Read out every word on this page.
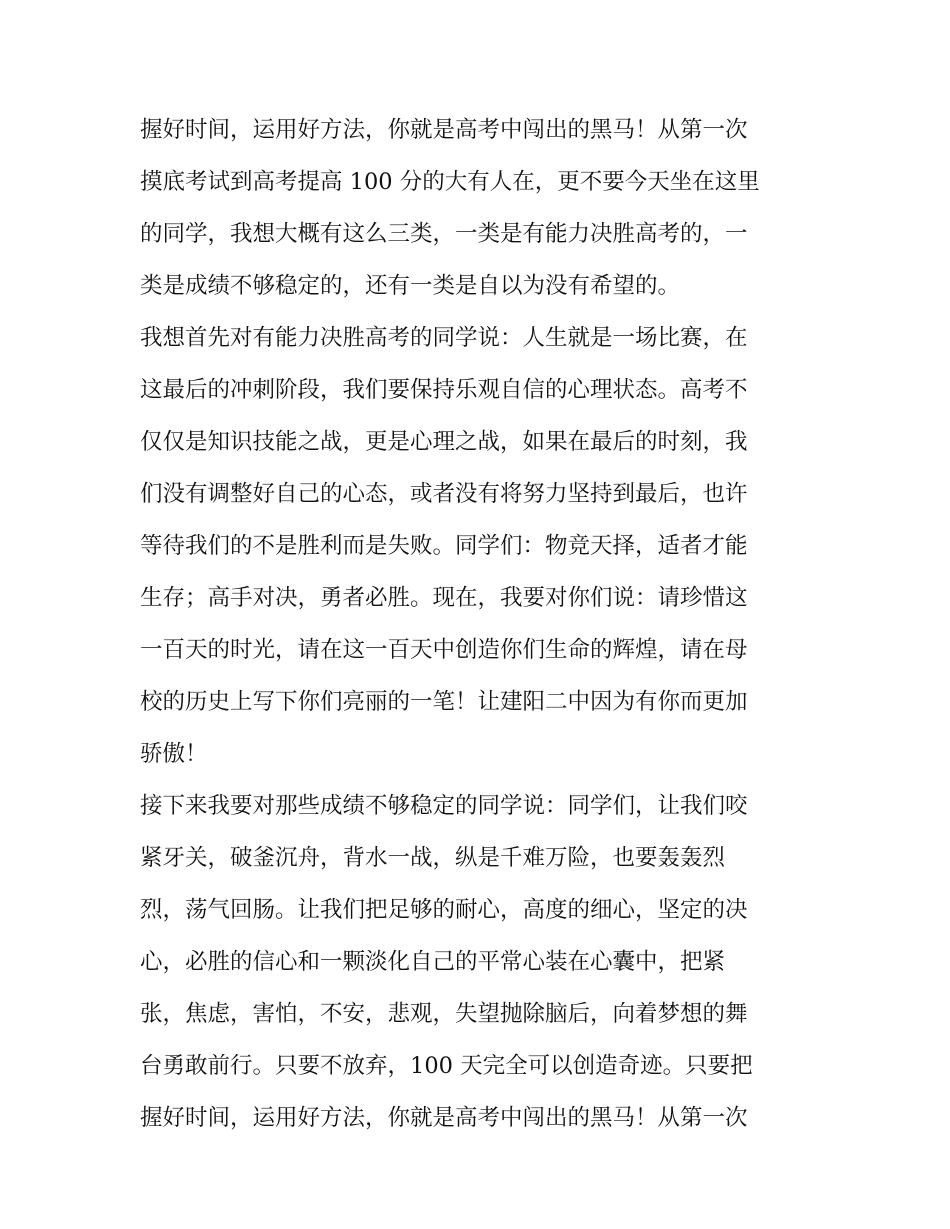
握好时间，运用好方法，你就是高考中闯出的黑马！从第一次
摸底考试到高考提高 100 分的大有人在，更不要今天坐在这里
的同学，我想大概有这么三类，一类是有能力决胜高考的，一
类是成绩不够稳定的，还有一类是自以为没有希望的。
我想首先对有能力决胜高考的同学说：人生就是一场比赛，在
这最后的冲刺阶段，我们要保持乐观自信的心理状态。高考不
仅仅是知识技能之战，更是心理之战，如果在最后的时刻，我
们没有调整好自己的心态，或者没有将努力坚持到最后，也许
等待我们的不是胜利而是失败。同学们：物竞天择，适者才能
生存；高手对决，勇者必胜。现在，我要对你们说：请珍惜这
一百天的时光，请在这一百天中创造你们生命的辉煌，请在母
校的历史上写下你们亮丽的一笔！让建阳二中因为有你而更加
骄傲！
接下来我要对那些成绩不够稳定的同学说：同学们，让我们咬
紧牙关，破釜沉舟，背水一战，纵是千难万险，也要轰轰烈
烈，荡气回肠。让我们把足够的耐心，高度的细心，坚定的决
心，必胜的信心和一颗淡化自己的平常心装在心囊中，把紧
张，焦虑，害怕，不安，悲观，失望抛除脑后，向着梦想的舞
台勇敢前行。只要不放弃，100 天完全可以创造奇迹。只要把
握好时间，运用好方法，你就是高考中闯出的黑马！从第一次
